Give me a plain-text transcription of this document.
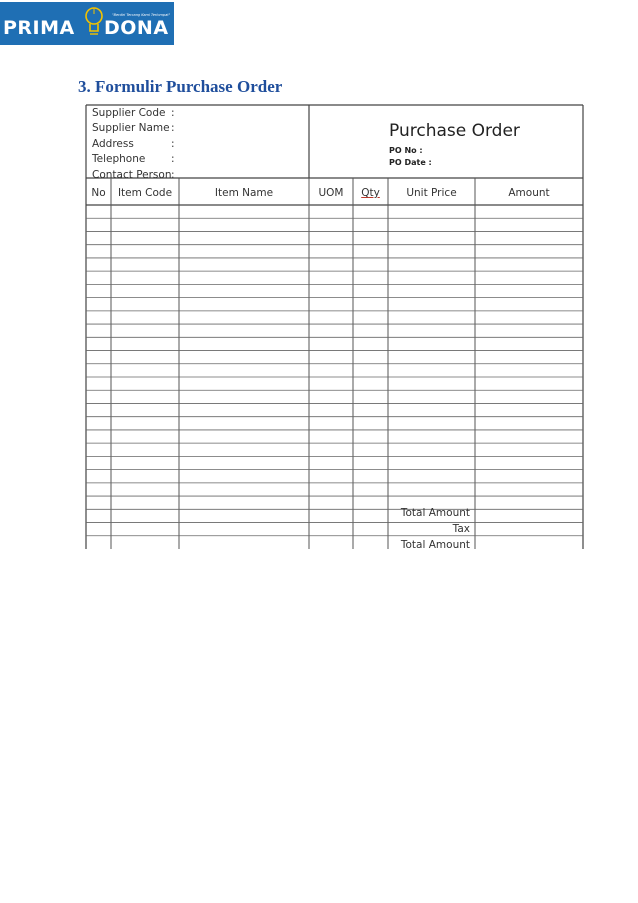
PRIMA DONA
"Berdiri Tercang Kami Terlompat"
3. Formulir Purchase Order
Supplier Code :
Supplier Name :
Address	:
Telephone :
Contact Person :
Purchase Order
PO No :
PO Date :
No	Item Code	Item Name	UOM	Qty	Unit Price	Amount
Total Amount
Tax
Total Amount
